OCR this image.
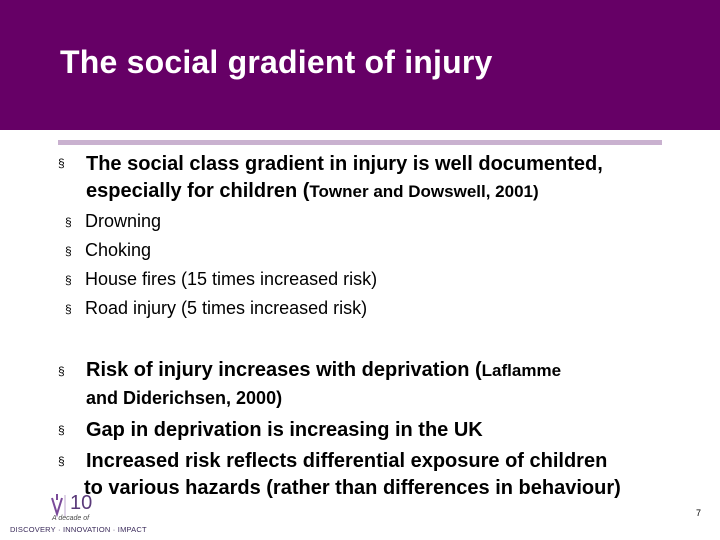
The social gradient of injury
§ The social class gradient in injury is well documented,
especially for children (Towner and Dowswell, 2001)
§ Drowning
§ Choking
§ House fires (15 times increased risk)
§ Road injury (5 times increased risk)
§ Risk of injury increases with deprivation (Laflamme
and Diderichsen, 2000)
§ Gap in deprivation is increasing in the UK
§ Increased risk reflects differential exposure of children
to various hazards (rather than differences in behaviour)
10
A decade of
DISCOVERY · INNOVATION · IMPACT
7
